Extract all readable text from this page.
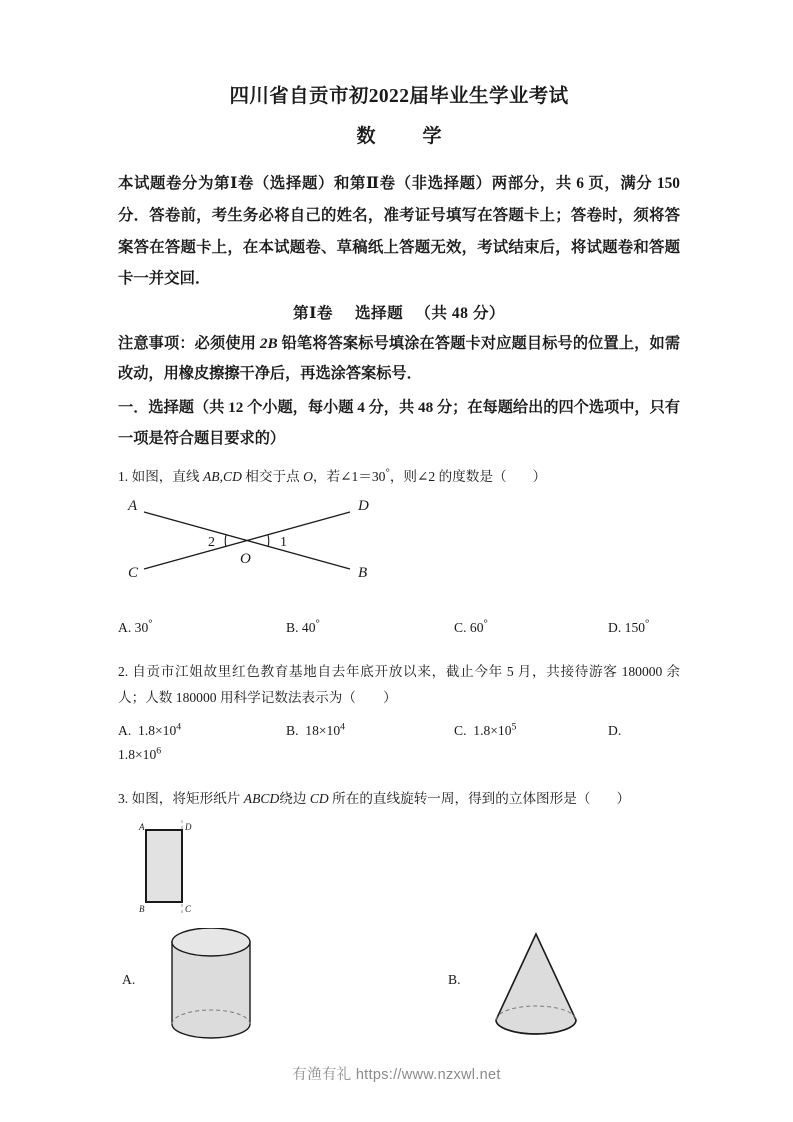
四川省自贡市初2022届毕业生学业考试
数　学

本试题卷分为第Ⅰ卷（选择题）和第Ⅱ卷（非选择题）两部分，共 6 页，满分 150 分．答卷前，考生务必将自己的姓名，准考证号填写在答题卡上；答卷时，须将答案答在答题卡上，在本试题卷、草稿纸上答题无效，考试结束后，将试题卷和答题卡一并交回．

第Ⅰ卷 选择题 （共 48 分）

注意事项：必须使用 2B 铅笔将答案标号填涂在答题卡对应题目标号的位置上，如需改动，用橡皮擦擦干净后，再选涂答案标号．

一．选择题（共 12 个小题，每小题 4 分，共 48 分；在每题给出的四个选项中，只有一项是符合题目要求的）

1. 如图，直线 AB,CD 相交于点 O，若∠1＝30°，则∠2 的度数是（ ）

A	D
C	B
2	1
O
A. 30°	B. 40°	C. 60°	D. 150°

2. 自贡市江姐故里红色教育基地自去年底开放以来，截止今年 5 月，共接待游客 180000 余人；人数 180000 用科学记数法表示为（　　）

A. $1.8\times 10^4$	B. $18\times 10^4$	C. $1.8\times 10^5$	D.
$1.8\times 10^6$

3. 如图，将矩形纸片 ABCD绕边 CD 所在的直线旋转一周，得到的立体图形是（ ）

A	D
B	C
A.	B.
有渔有礼 https://www.nzxwl.net
